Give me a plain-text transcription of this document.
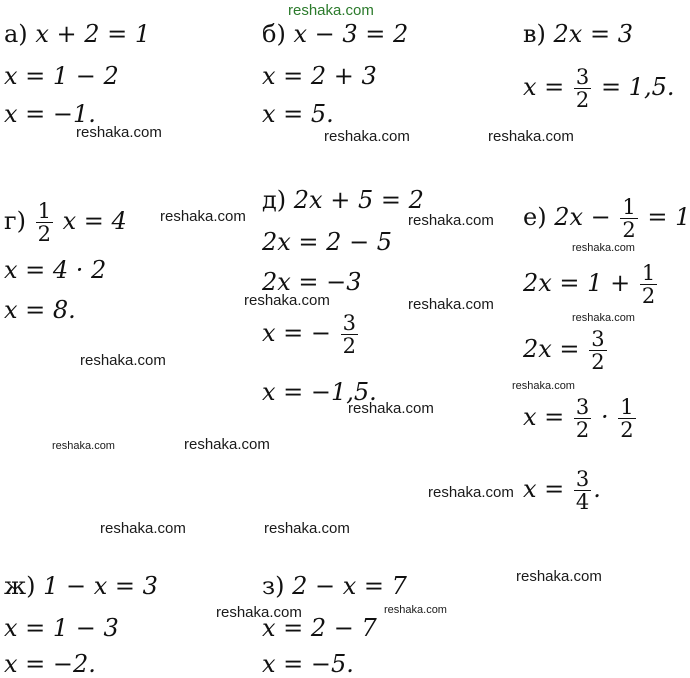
reshaka.com
а) x + 2 = 1
x = 1 − 2
x = −1.
б) x − 3 = 2
x = 2 + 3
x = 5.
в) 2x = 3
$x = \frac{3}{2} = 1,5$.
$г) \frac{1}{2}$ x = 4
x = 4 · 2
x = 8.
д) 2x + 5 = 2
2x = 2 − 5
2x = −3
x = − $\frac{3}{2}$
x = −1,5.
е) $2x - \frac{1}{2} = 1$
$2x = 1 + \frac{1}{2}$
$2x = \frac{3}{2}$
$x = \frac{3}{2} \cdot \frac{1}{2}$
$x = \frac{3}{4}$ .
ж) 1 − x = 3
x = 1 − 3
x = −2.
з) 2 − x = 7
x = 2 − 7
x = −5.
reshaka.com	reshaka.com	reshaka.com
reshaka.com	reshaka.com
reshaka.com
reshaka.com	reshaka.com
reshaka.com
reshaka.com
reshaka.com
reshaka.com
reshaka.com	reshaka.com
reshaka.com
reshaka.com	reshaka.com
reshaka.com
reshaka.com	reshaka.com
